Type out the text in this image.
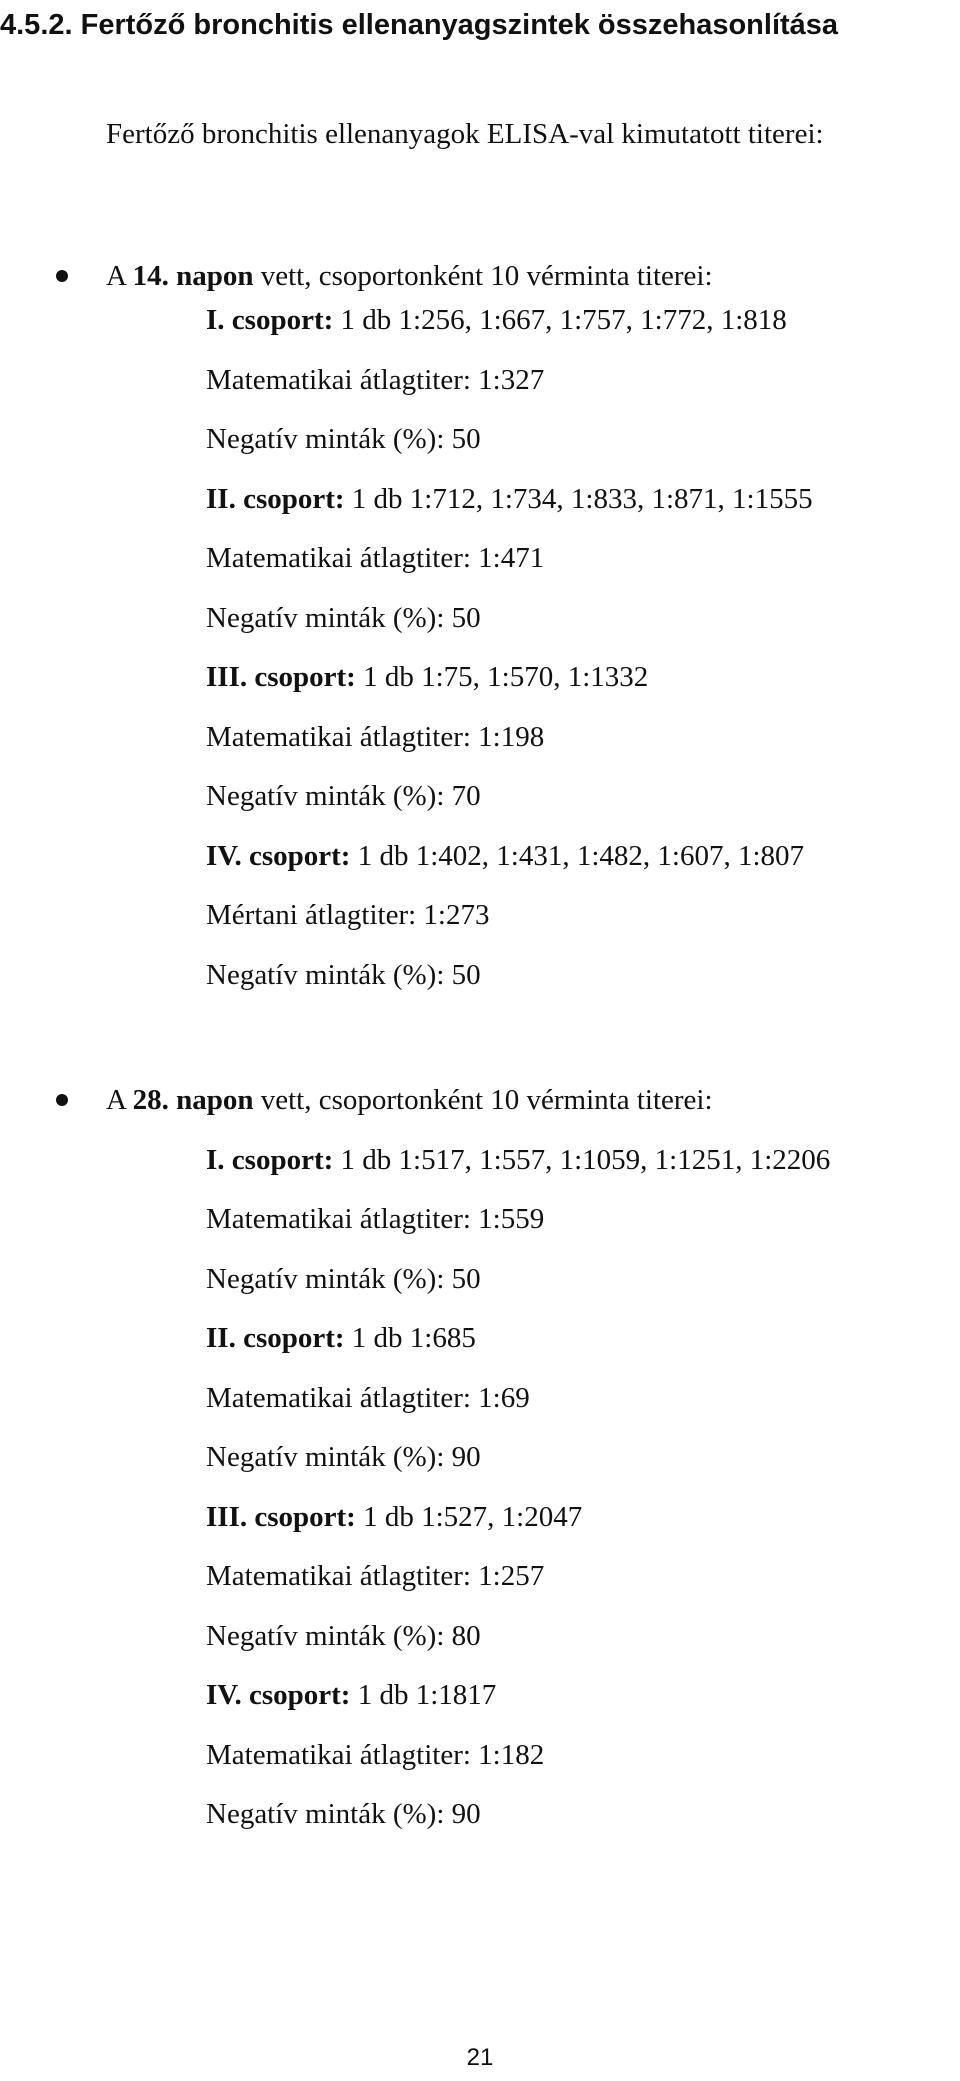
4.5.2. Fertőző bronchitis ellenanyagszintek összehasonlítása
Fertőző bronchitis ellenanyagok ELISA-val kimutatott titerei:
A 14. napon vett, csoportonként 10 vérminta titerei:
I. csoport: 1 db 1:256, 1:667, 1:757, 1:772, 1:818
Matematikai átlagtiter: 1:327
Negatív minták (%): 50
II. csoport: 1 db 1:712, 1:734, 1:833, 1:871, 1:1555
Matematikai átlagtiter: 1:471
Negatív minták (%): 50
III. csoport: 1 db 1:75, 1:570, 1:1332
Matematikai átlagtiter: 1:198
Negatív minták (%): 70
IV. csoport: 1 db 1:402, 1:431, 1:482, 1:607, 1:807
Mértani átlagtiter: 1:273
Negatív minták (%): 50
A 28. napon vett, csoportonként 10 vérminta titerei:
I. csoport: 1 db 1:517, 1:557, 1:1059, 1:1251, 1:2206
Matematikai átlagtiter: 1:559
Negatív minták (%): 50
II. csoport: 1 db 1:685
Matematikai átlagtiter: 1:69
Negatív minták (%): 90
III. csoport: 1 db 1:527, 1:2047
Matematikai átlagtiter: 1:257
Negatív minták (%): 80
IV. csoport: 1 db 1:1817
Matematikai átlagtiter: 1:182
Negatív minták (%): 90
21
